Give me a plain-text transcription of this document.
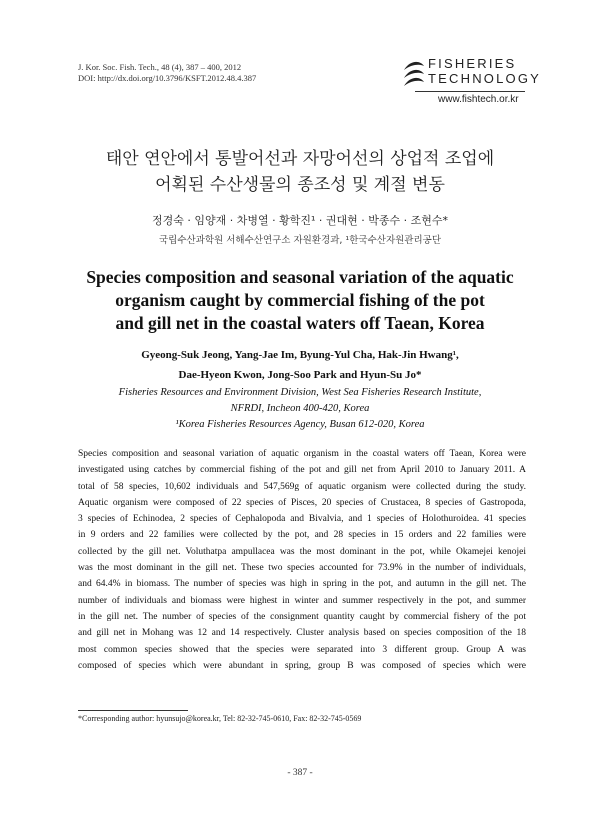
J. Kor. Soc. Fish. Tech., 48 (4), 387 – 400, 2012
DOI: http://dx.doi.org/10.3796/KSFT.2012.48.4.387
FISHERIES
TECHNOLOGY
www.fishtech.or.kr
태안 연안에서 통발어선과 자망어선의 상업적 조업에
어획된 수산생물의 종조성 및 계절 변동
정경숙 · 임양재 · 차병열 · 황학진¹ · 권대현 · 박종수 · 조현수*
국립수산과학원 서해수산연구소 자원환경과, ¹한국수산자원관리공단
Species composition and seasonal variation of the aquatic
organism caught by commercial fishing of the pot
and gill net in the coastal waters off Taean, Korea
Gyeong-Suk Jeong, Yang-Jae Im, Byung-Yul Cha, Hak-Jin Hwang¹,
Dae-Hyeon Kwon, Jong-Soo Park and Hyun-Su Jo*
Fisheries Resources and Environment Division, West Sea Fisheries Research Institute,
NFRDI, Incheon 400-420, Korea
¹Korea Fisheries Resources Agency, Busan 612-020, Korea
Species composition and seasonal variation of aquatic organism in the coastal waters off Taean, Korea were
investigated using catches by commercial fishing of the pot and gill net from April 2010 to January 2011. A
total of 58 species, 10,602 individuals and 547,569g of aquatic organism were collected during the study.
Aquatic organism were composed of 22 species of Pisces, 20 species of Crustacea, 8 species of Gastropoda,
3 species of Echinodea, 2 species of Cephalopoda and Bivalvia, and 1 species of Holothuroidea. 41 species
in 9 orders and 22 families were collected by the pot, and 28 species in 15 orders and 22 families were
collected by the gill net. Voluthatpa ampullacea was the most dominant in the pot, while Okamejei kenojei
was the most dominant in the gill net. These two species accounted for 73.9% in the number of individuals,
and 64.4% in biomass. The number of species was high in spring in the pot, and autumn in the gill net. The
number of individuals and biomass were highest in winter and summer respectively in the pot, and summer
in the gill net. The number of species of the consignment quantity caught by commercial fishery of the pot
and gill net in Mohang was 12 and 14 respectively. Cluster analysis based on species composition of the 18
most common species showed that the species were separated into 3 different group. Group A was
composed of species which were abundant in spring, group B was composed of species which were
*Corresponding author: hyunsujo@korea.kr, Tel: 82-32-745-0610, Fax: 82-32-745-0569
- 387 -
